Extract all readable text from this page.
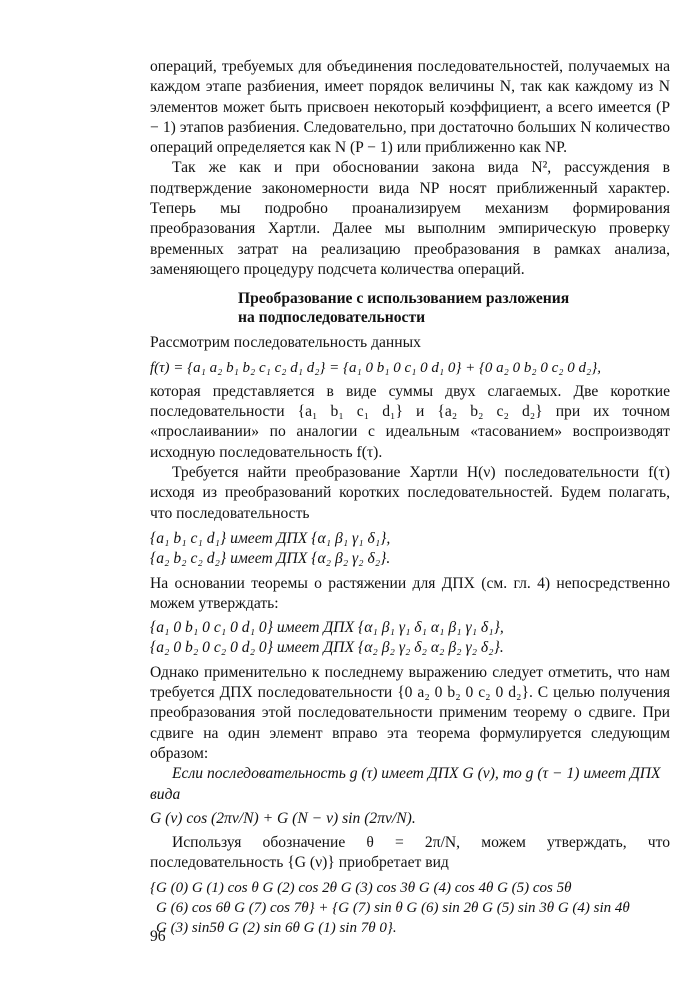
операций, требуемых для объединения последовательностей, получаемых на каждом этапе разбиения, имеет порядок величины N, так как каждому из N элементов может быть присвоен некоторый коэффициент, а всего имеется (P − 1) этапов разбиения. Следовательно, при достаточно больших N количество операций определяется как N (P − 1) или приближенно как NP.

Так же как и при обосновании закона вида N², рассуждения в подтверждение закономерности вида NP носят приближенный характер. Теперь мы подробно проанализируем механизм формирования преобразования Хартли. Далее мы выполним эмпирическую проверку временных затрат на реализацию преобразования в рамках анализа, заменяющего процедуру подсчета количества операций.

Преобразование с использованием разложения
на подпоследовательности

Рассмотрим последовательность данных

f(τ) = {a₁ a₂ b₁ b₂ c₁ c₂ d₁ d₂} = {a₁ 0 b₁ 0 c₁ 0 d₁ 0} + {0 a₂ 0 b₂ 0 c₂ 0 d₂},

которая представляется в виде суммы двух слагаемых. Две короткие последовательности {a₁ b₁ c₁ d₁} и {a₂ b₂ c₂ d₂} при их точном «прослаивании» по аналогии с идеальным «тасованием» воспроизводят исходную последовательность f(τ).

Требуется найти преобразование Хартли H(ν) последовательности f(τ) исходя из преобразований коротких последовательностей. Будем полагать, что последовательность

{a₁ b₁ c₁ d₁} имеет ДПХ {α₁ β₁ γ₁ δ₁},
{a₂ b₂ c₂ d₂} имеет ДПХ {α₂ β₂ γ₂ δ₂}.

На основании теоремы о растяжении для ДПХ (см. гл. 4) непосредственно можем утверждать:

{a₁ 0 b₁ 0 c₁ 0 d₁ 0} имеет ДПХ {α₁ β₁ γ₁ δ₁ α₁ β₁ γ₁ δ₁},
{a₂ 0 b₂ 0 c₂ 0 d₂ 0} имеет ДПХ {α₂ β₂ γ₂ δ₂ α₂ β₂ γ₂ δ₂}.

Однако применительно к последнему выражению следует отметить, что нам требуется ДПХ последовательности {0 a₂ 0 b₂ 0 c₂ 0 d₂}. С целью получения преобразования этой последовательности применим теорему о сдвиге. При сдвиге на один элемент вправо эта теорема формулируется следующим образом:

Если последовательность g (τ) имеет ДПХ G (ν), то g (τ − 1) имеет ДПХ вида

G (ν) cos (2πν/N) + G (N − ν) sin (2πν/N).

Используя обозначение θ = 2π/N, можем утверждать, что последовательность {G (ν)} приобретает вид

{G (0) G (1) cos θ G (2) cos 2θ G (3) cos 3θ G (4) cos 4θ G (5) cos 5θ
G (6) cos 6θ G (7) cos 7θ} + {G (7) sin θ G (6) sin 2θ G (5) sin 3θ G (4) sin 4θ
G (3) sin5θ G (2) sin 6θ G (1) sin 7θ 0}.
96
